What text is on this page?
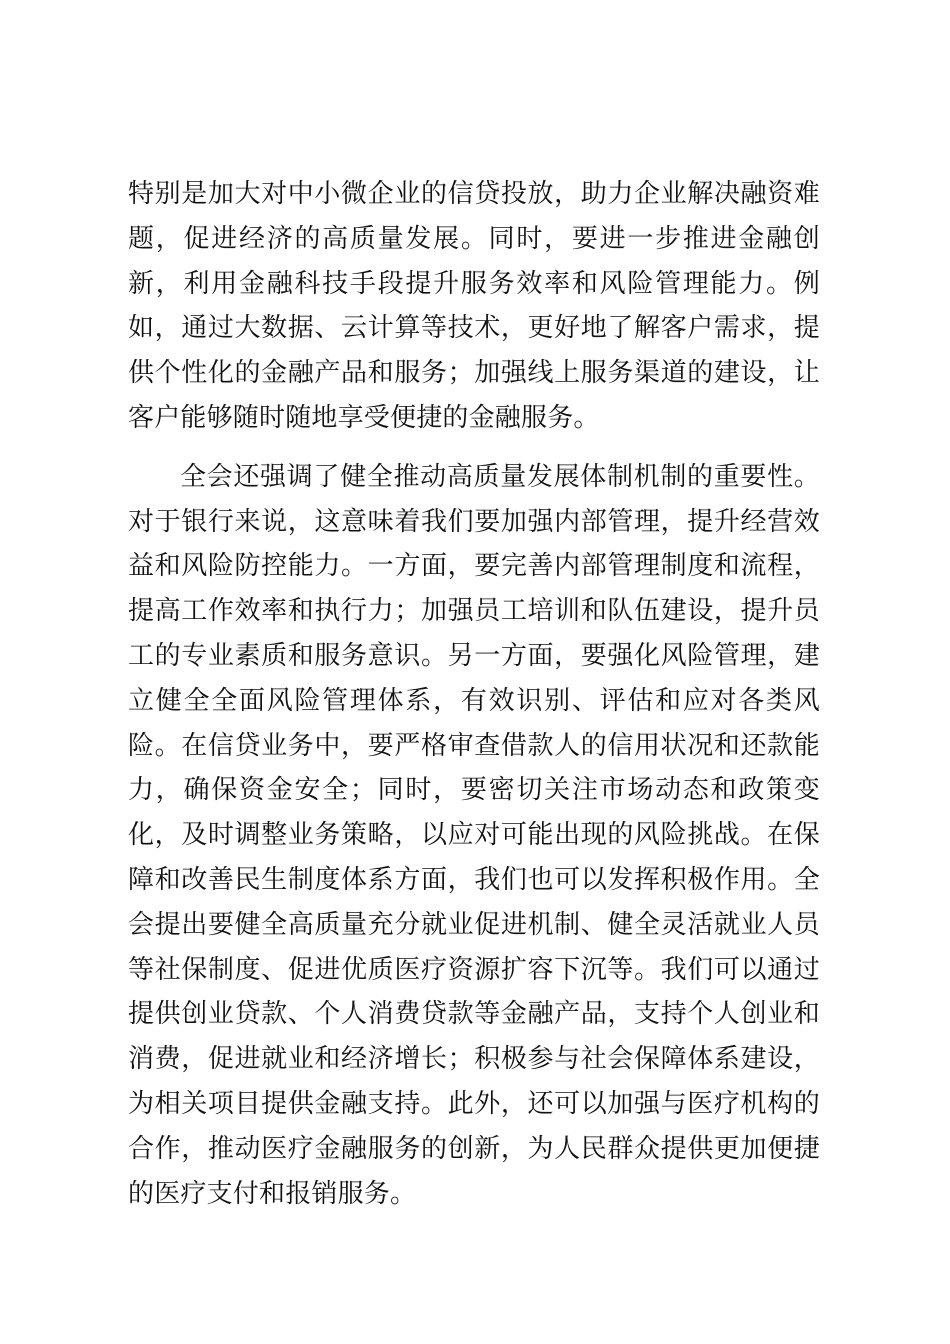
特别是加大对中小微企业的信贷投放，助力企业解决融资难题，促进经济的高质量发展。同时，要进一步推进金融创新，利用金融科技手段提升服务效率和风险管理能力。例如，通过大数据、云计算等技术，更好地了解客户需求，提供个性化的金融产品和服务；加强线上服务渠道的建设，让客户能够随时随地享受便捷的金融服务。

全会还强调了健全推动高质量发展体制机制的重要性。对于银行来说，这意味着我们要加强内部管理，提升经营效益和风险防控能力。一方面，要完善内部管理制度和流程，提高工作效率和执行力；加强员工培训和队伍建设，提升员工的专业素质和服务意识。另一方面，要强化风险管理，建立健全全面风险管理体系，有效识别、评估和应对各类风险。在信贷业务中，要严格审查借款人的信用状况和还款能力，确保资金安全；同时，要密切关注市场动态和政策变化，及时调整业务策略，以应对可能出现的风险挑战。在保障和改善民生制度体系方面，我们也可以发挥积极作用。全会提出要健全高质量充分就业促进机制、健全灵活就业人员等社保制度、促进优质医疗资源扩容下沉等。我们可以通过提供创业贷款、个人消费贷款等金融产品，支持个人创业和消费，促进就业和经济增长；积极参与社会保障体系建设，为相关项目提供金融支持。此外，还可以加强与医疗机构的合作，推动医疗金融服务的创新，为人民群众提供更加便捷的医疗支付和报销服务。
